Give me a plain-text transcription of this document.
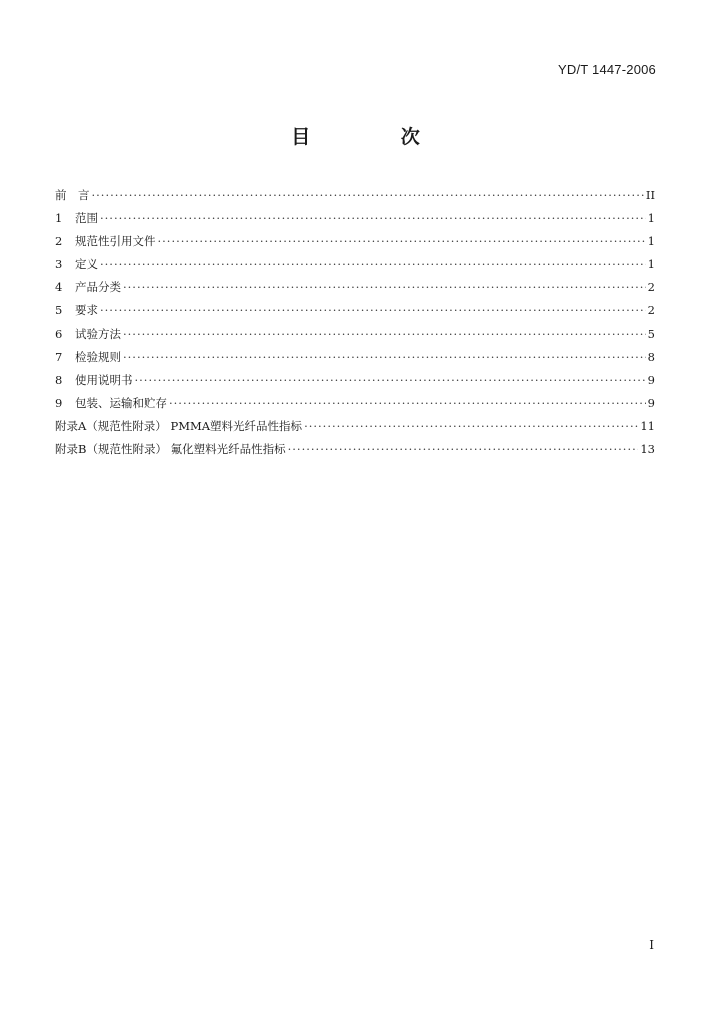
YD/T 1447-2006
目 次
前　言 ·····	II
1	范围 ·····	1
2	规范性引用文件 ·····	1
3	定义 ·····	1
4	产品分类 ·····	2
5	要求 ·····	2
6	试验方法 ·····	5
7	检验规则 ·····	8
8	使用说明书 ·····	9
9	包装、运输和贮存 ·····	9
附录A（规范性附录） PMMA塑料光纤品性指标 ·····	11
附录B（规范性附录） 氟化塑料光纤品性指标 ·····	13
I
